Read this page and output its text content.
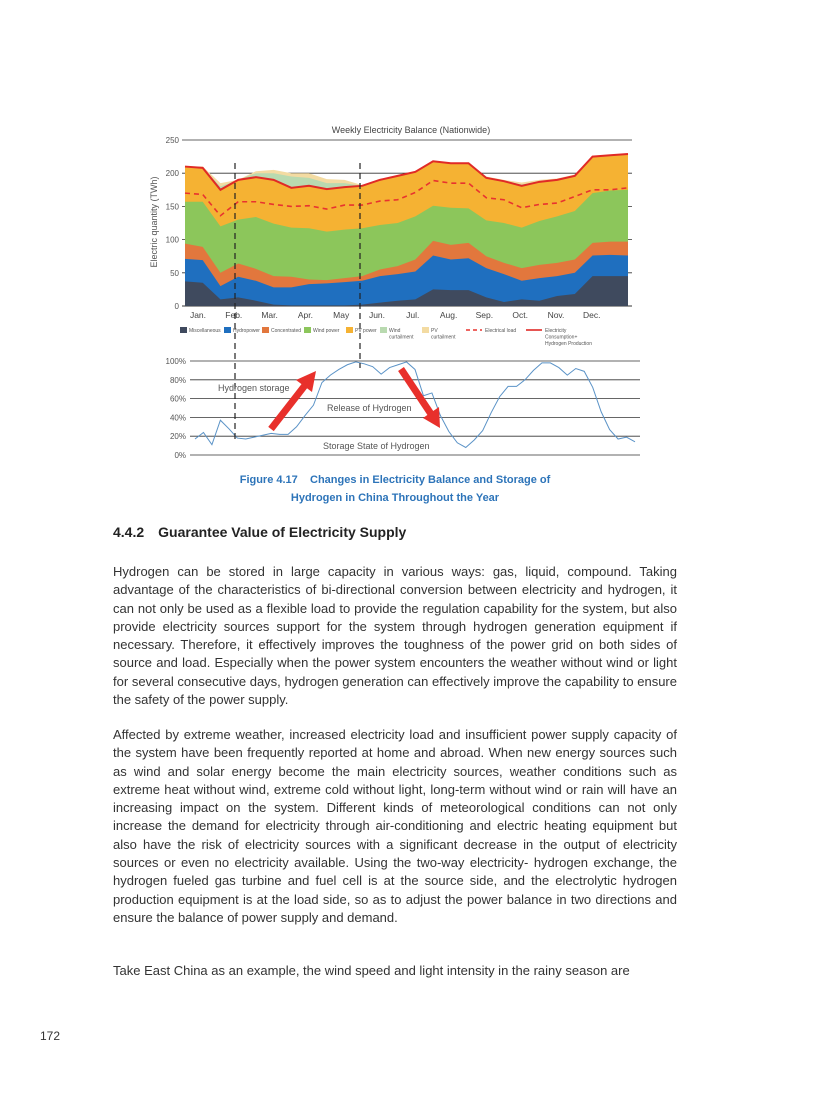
Weekly Electricity Balance (Nationwide)
Electric quantity (TWh)
0
50
100
150
200
250
Jan. Feb. Mar. Apr. May Jun. Jul. Aug. Sep. Oct. Nov. Dec.
Miscellaneous Hydropower Concentrated Wind power	PV power Wind curtailment
PV curtailment
Electrical load	Electricity Consumption+ Hydrogen Production
0%
20%
40%
60%
80%
100%
Hydrogen storage
Release of Hydrogen
Storage State of Hydrogen
Figure 4.17    Changes in Electricity Balance and Storage of
Hydrogen in China Throughout the Year
4.4.2 Guarantee Value of Electricity Supply

Hydrogen can be stored in large capacity in various ways: gas, liquid, compound. Taking advantage of the characteristics of bi-directional conversion between electricity and hydrogen, it can not only be used as a flexible load to provide the regulation capability for the system, but also provide electricity sources support for the system through hydrogen generation equipment if necessary. Therefore, it effectively improves the toughness of the power grid on both sides of source and load. Especially when the power system encounters the weather without wind or light for several consecutive days, hydrogen generation can effectively improve the capability to ensure the safety of the power supply.

Affected by extreme weather, increased electricity load and insufficient power supply capacity of the system have been frequently reported at home and abroad. When new energy sources such as wind and solar energy become the main electricity sources, weather conditions such as extreme heat without wind, extreme cold without light, long-term without wind or rain will have an increasing impact on the system. Different kinds of meteorological conditions can not only increase the demand for electricity through air-conditioning and electric heating equipment but also have the risk of electricity sources with a significant decrease in the output of electricity sources or even no electricity available. Using the two-way electricity- hydrogen exchange, the hydrogen fueled gas turbine and fuel cell is at the source side, and the electrolytic hydrogen production equipment is at the load side, so as to adjust the power balance in two directions and ensure the balance of power supply and demand.

Take East China as an example, the wind speed and light intensity in the rainy season are

172
